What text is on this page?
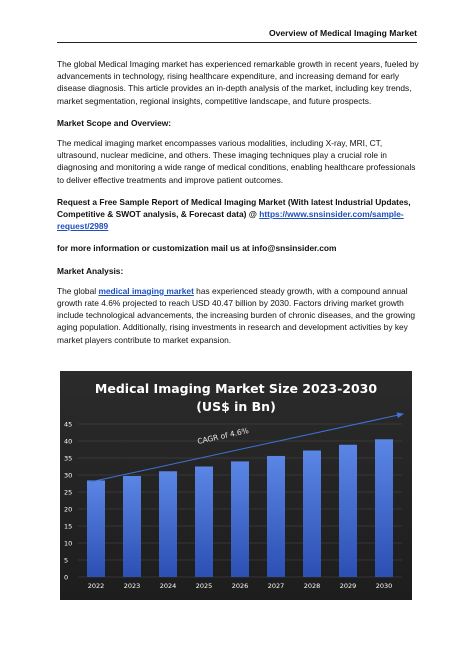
Overview of Medical Imaging Market

The global Medical Imaging market has experienced remarkable growth in recent years, fueled by advancements in technology, rising healthcare expenditure, and increasing demand for early disease diagnosis. This article provides an in-depth analysis of the market, including key trends, market segmentation, regional insights, competitive landscape, and future prospects.

Market Scope and Overview:

The medical imaging market encompasses various modalities, including X-ray, MRI, CT, ultrasound, nuclear medicine, and others. These imaging techniques play a crucial role in diagnosing and monitoring a wide range of medical conditions, enabling healthcare professionals to deliver effective treatments and improve patient outcomes.

Request a Free Sample Report of Medical Imaging Market (With latest Industrial Updates, Competitive & SWOT analysis, & Forecast data) @ https://www.snsinsider.com/sample-request/2989

for more information or customization mail us at info@snsinsider.com

Market Analysis:

The global medical imaging market has experienced steady growth, with a compound annual growth rate 4.6% projected to reach USD 40.47 billion by 2030. Factors driving market growth include technological advancements, the increasing burden of chronic diseases, and the growing aging population. Additionally, rising investments in research and development activities by key market players contribute to market expansion.

Medical Imaging Market Size 2023-2030
(US$ in Bn)
0
5
10
15
20
25
30
35
40
45
2022	2023	2024	2025	2026	2027	2028	2029	2030
CAGR of 4.6%
